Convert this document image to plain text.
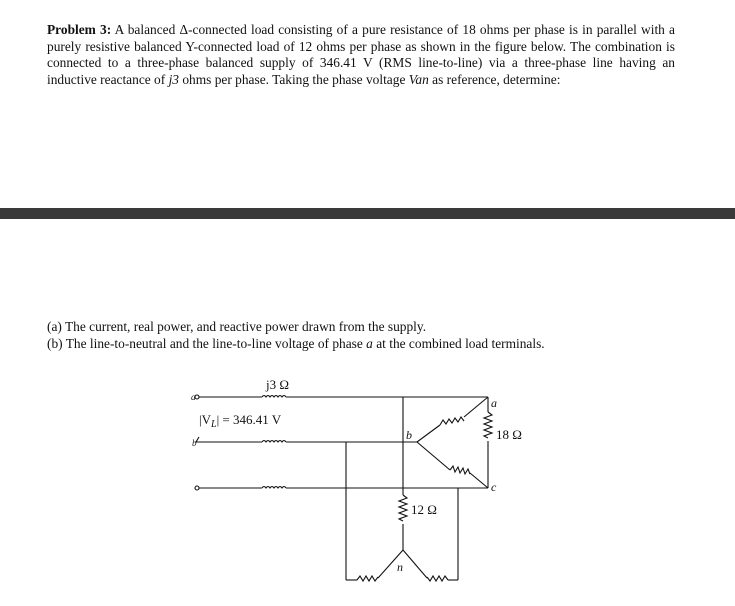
Problem 3: A balanced Δ-connected load consisting of a pure resistance of 18 ohms per phase is in parallel with a purely resistive balanced Y-connected load of 12 ohms per phase as shown in the figure below. The combination is connected to a three-phase balanced supply of 346.41 V (RMS line-to-line) via a three-phase line having an inductive reactance of j3 ohms per phase. Taking the phase voltage Van as reference, determine:
(a) The current, real power, and reactive power drawn from the supply.
(b) The line-to-neutral and the line-to-line voltage of phase a at the combined load terminals.
j3 Ω
$|V_L| = 346.41$ V
18 Ω
12 Ω
a
b
c
n
a
b
